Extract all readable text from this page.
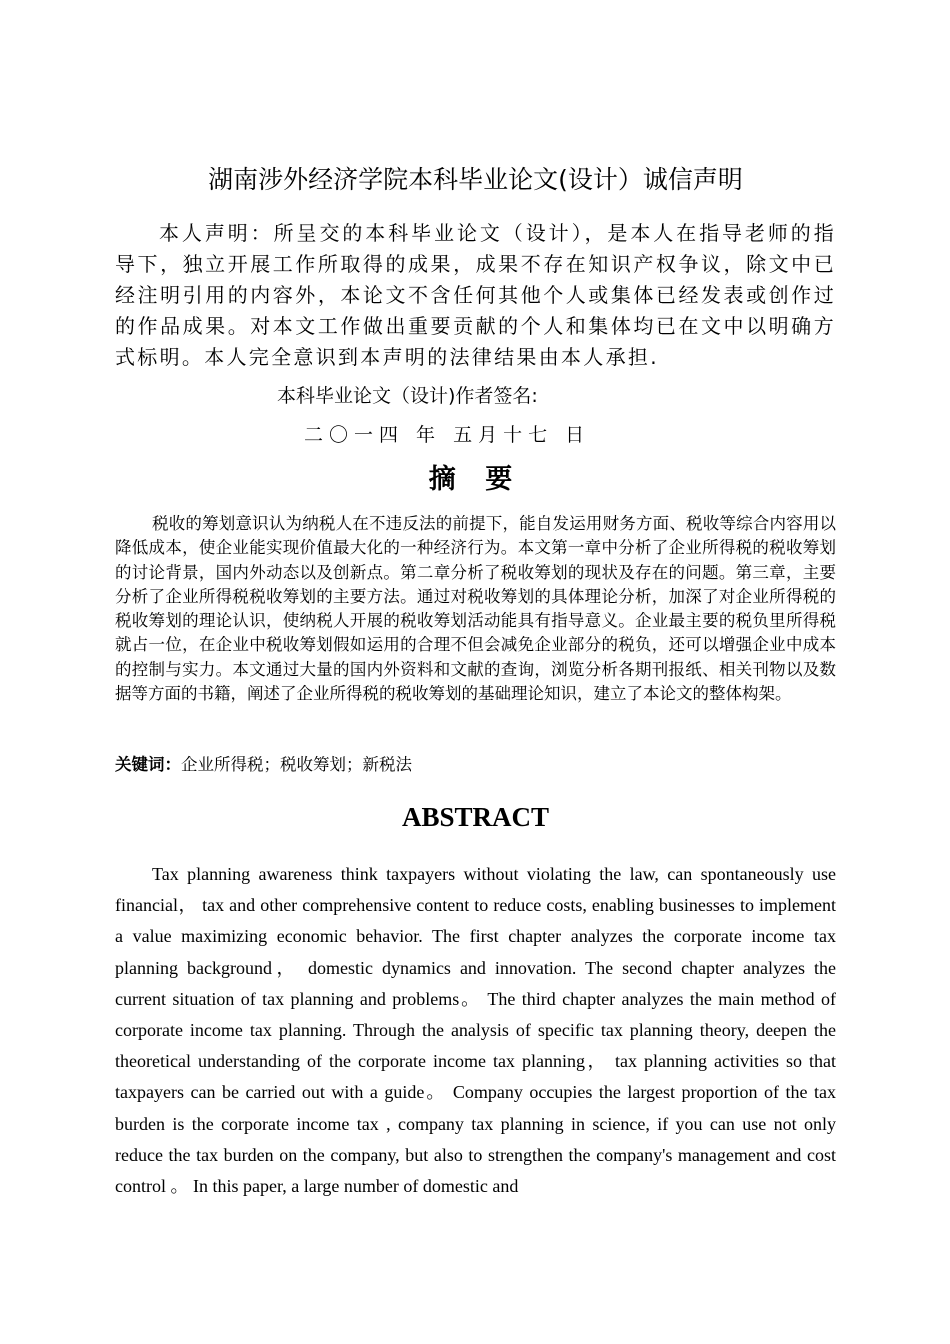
湖南涉外经济学院本科毕业论文(设计）诚信声明

本人声明：所呈交的本科毕业论文（设计），是本人在指导老师的指导下，独立开展工作所取得的成果，成果不存在知识产权争议，除文中已经注明引用的内容外，本论文不含任何其他个人或集体已经发表或创作过的作品成果。对本文工作做出重要贡献的个人和集体均已在文中以明确方式标明。本人完全意识到本声明的法律结果由本人承担.

本科毕业论文（设计)作者签名:

二〇一四 年 五月十七 日

摘 要

税收的筹划意识认为纳税人在不违反法的前提下，能自发运用财务方面、税收等综合内容用以降低成本，使企业能实现价值最大化的一种经济行为。本文第一章中分析了企业所得税的税收筹划的讨论背景，国内外动态以及创新点。第二章分析了税收筹划的现状及存在的问题。第三章，主要分析了企业所得税税收筹划的主要方法。通过对税收筹划的具体理论分析，加深了对企业所得税的税收筹划的理论认识，使纳税人开展的税收筹划活动能具有指导意义。企业最主要的税负里所得税就占一位，在企业中税收筹划假如运用的合理不但会减免企业部分的税负，还可以增强企业中成本的控制与实力。本文通过大量的国内外资料和文献的查询，浏览分析各期刊报纸、相关刊物以及数据等方面的书籍，阐述了企业所得税的税收筹划的基础理论知识，建立了本论文的整体构架。

关键词：企业所得税；税收筹划；新税法

ABSTRACT

Tax planning awareness think taxpayers without violating the law, can spontaneously use financial， tax and other comprehensive content to reduce costs, enabling businesses to implement a value maximizing economic behavior. The first chapter analyzes the corporate income tax planning background， domestic dynamics and innovation. The second chapter analyzes the current situation of tax planning and problems。 The third chapter analyzes the main method of corporate income tax planning. Through the analysis of specific tax planning theory, deepen the theoretical understanding of the corporate income tax planning， tax planning activities so that taxpayers can be carried out with a guide。 Company occupies the largest proportion of the tax burden is the corporate income tax , company tax planning in science, if you can use not only reduce the tax burden on the company, but also to strengthen the company's management and cost control 。 In this paper, a large number of domestic and
